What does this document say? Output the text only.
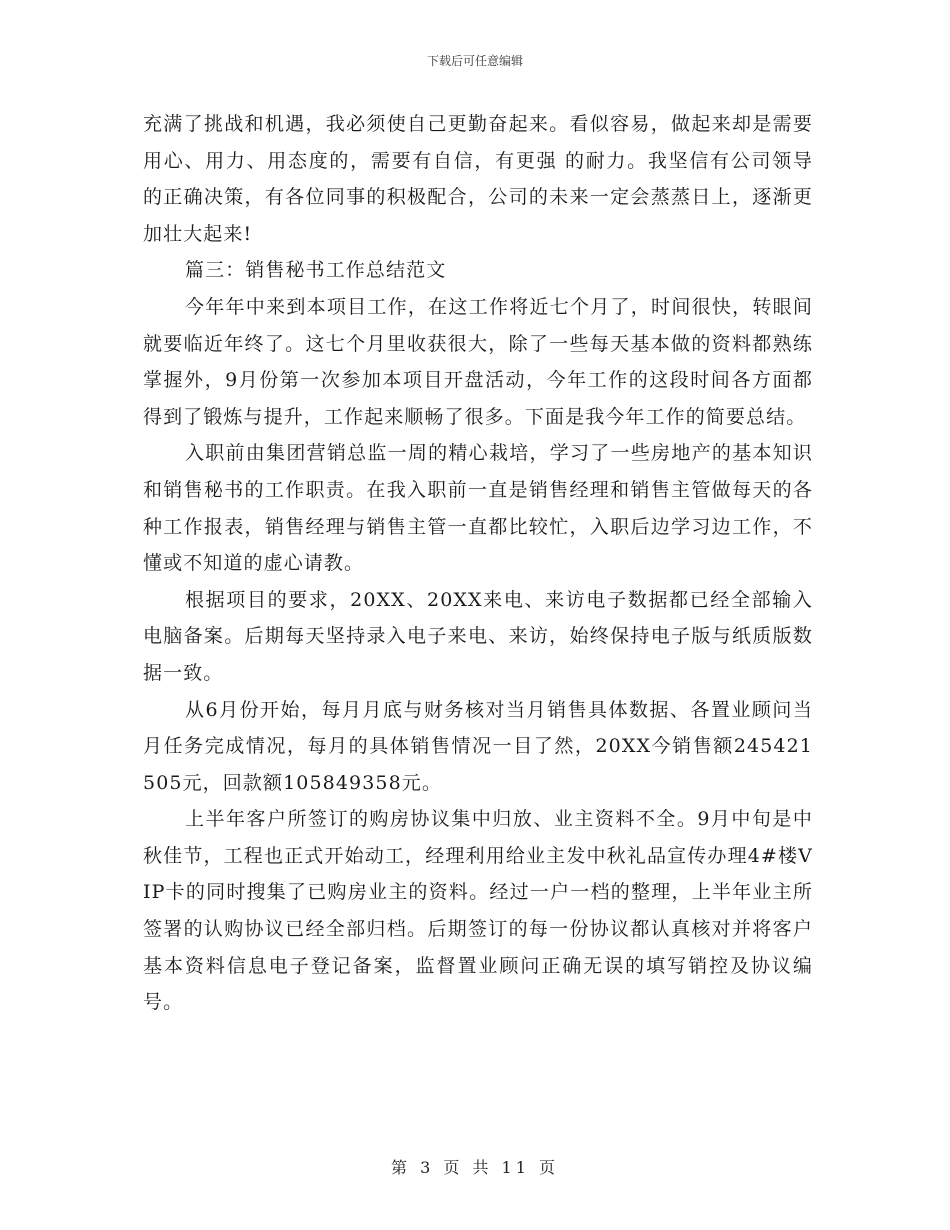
下载后可任意编辑

充满了挑战和机遇，我必须使自己更勤奋起来。看似容易，做起来却是需要用心、用力、用态度的，需要有自信，有更强 的耐力。我坚信有公司领导的正确决策，有各位同事的积极配合，公司的未来一定会蒸蒸日上，逐渐更加壮大起来!

篇三：销售秘书工作总结范文

今年年中来到本项目工作，在这工作将近七个月了，时间很快，转眼间就要临近年终了。这七个月里收获很大，除了一些每天基本做的资料都熟练掌握外，9月份第一次参加本项目开盘活动，今年工作的这段时间各方面都得到了锻炼与提升，工作起来顺畅了很多。下面是我今年工作的简要总结。

入职前由集团营销总监一周的精心栽培，学习了一些房地产的基本知识和销售秘书的工作职责。在我入职前一直是销售经理和销售主管做每天的各种工作报表，销售经理与销售主管一直都比较忙，入职后边学习边工作，不懂或不知道的虚心请教。

根据项目的要求，20XX、20XX来电、来访电子数据都已经全部输入电脑备案。后期每天坚持录入电子来电、来访，始终保持电子版与纸质版数据一致。

从6月份开始，每月月底与财务核对当月销售具体数据、各置业顾问当月任务完成情况，每月的具体销售情况一目了然，20XX今销售额245421505元，回款额105849358元。

上半年客户所签订的购房协议集中归放、业主资料不全。9月中旬是中秋佳节，工程也正式开始动工，经理利用给业主发中秋礼品宣传办理4#楼VIP卡的同时搜集了已购房业主的资料。经过一户一档的整理，上半年业主所签署的认购协议已经全部归档。后期签订的每一份协议都认真核对并将客户基本资料信息电子登记备案，监督置业顾问正确无误的填写销控及协议编号。

第 3 页 共 11 页
